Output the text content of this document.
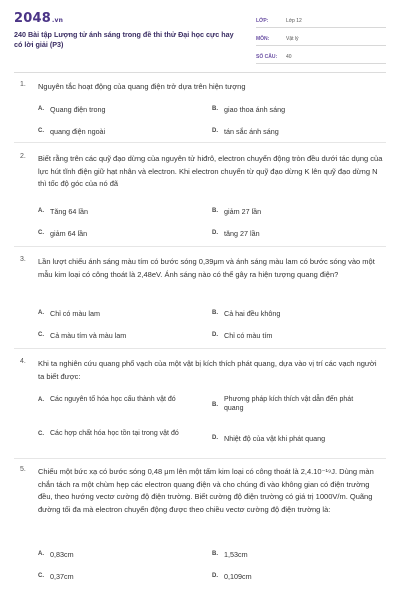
2048.vn
240 Bài tập Lượng tử ánh sáng trong đề thi thử Đại học cực hay có lời giải (P3)
LỚP:	Lớp 12
MÔN:	Vật lý
SỐ CÂU:	40
1. Nguyên tắc hoạt động của quang điện trở dựa trên hiện tượng
A. Quang điện trong	B. giao thoa ánh sáng
C. quang điện ngoài	D. tán sắc ánh sáng
2. Biết rằng trên các quỹ đạo dừng của nguyên tử hiđrô, electron chuyển động tròn đều dưới tác dụng của lực hút tĩnh điện giữ hạt nhân và electron. Khi electron chuyển từ quỹ đạo dừng K lên quỹ đạo dừng N thì tốc độ góc của nó đã
A. Tăng 64 lần	B. giảm 27 lần
C. giảm 64 lần	D. tăng 27 lần
3. Lần lượt chiếu ánh sáng màu tím có bước sóng 0,39μm và ánh sáng màu lam có bước sóng vào một mẫu kim loại có công thoát là 2,48eV. Ánh sáng nào có thể gây ra hiện tượng quang điện?
A. Chỉ có màu lam	B. Cả hai đều không
C. Cả màu tím và màu lam	D. Chỉ có màu tím
4. Khi ta nghiên cứu quang phổ vạch của một vật bị kích thích phát quang, dựa vào vị trí các vạch người ta biết được:
A. Các nguyên tố hóa học cấu thành vật đó
B.
Phương pháp kích thích vật dẫn đến phát quang
C. Các hợp chất hóa học tồn tại trong vật đó
D. Nhiệt độ của vật khi phát quang
5. Chiếu một bức xạ có bước sóng 0,48 μm lên một tấm kim loại có công thoát là 2,4.10⁻¹⁹J. Dùng màn chắn tách ra một chùm hẹp các electron quang điện và cho chúng đi vào không gian có điện trường đều, theo hướng vectơ cường độ điện trường. Biết cường độ điện trường có giá trị 1000V/m. Quãng đường tối đa mà electron chuyển động được theo chiều vectơ cường độ điện trường là:
A. 0,83cm	B. 1,53cm
C. 0,37cm	D. 0,109cm
